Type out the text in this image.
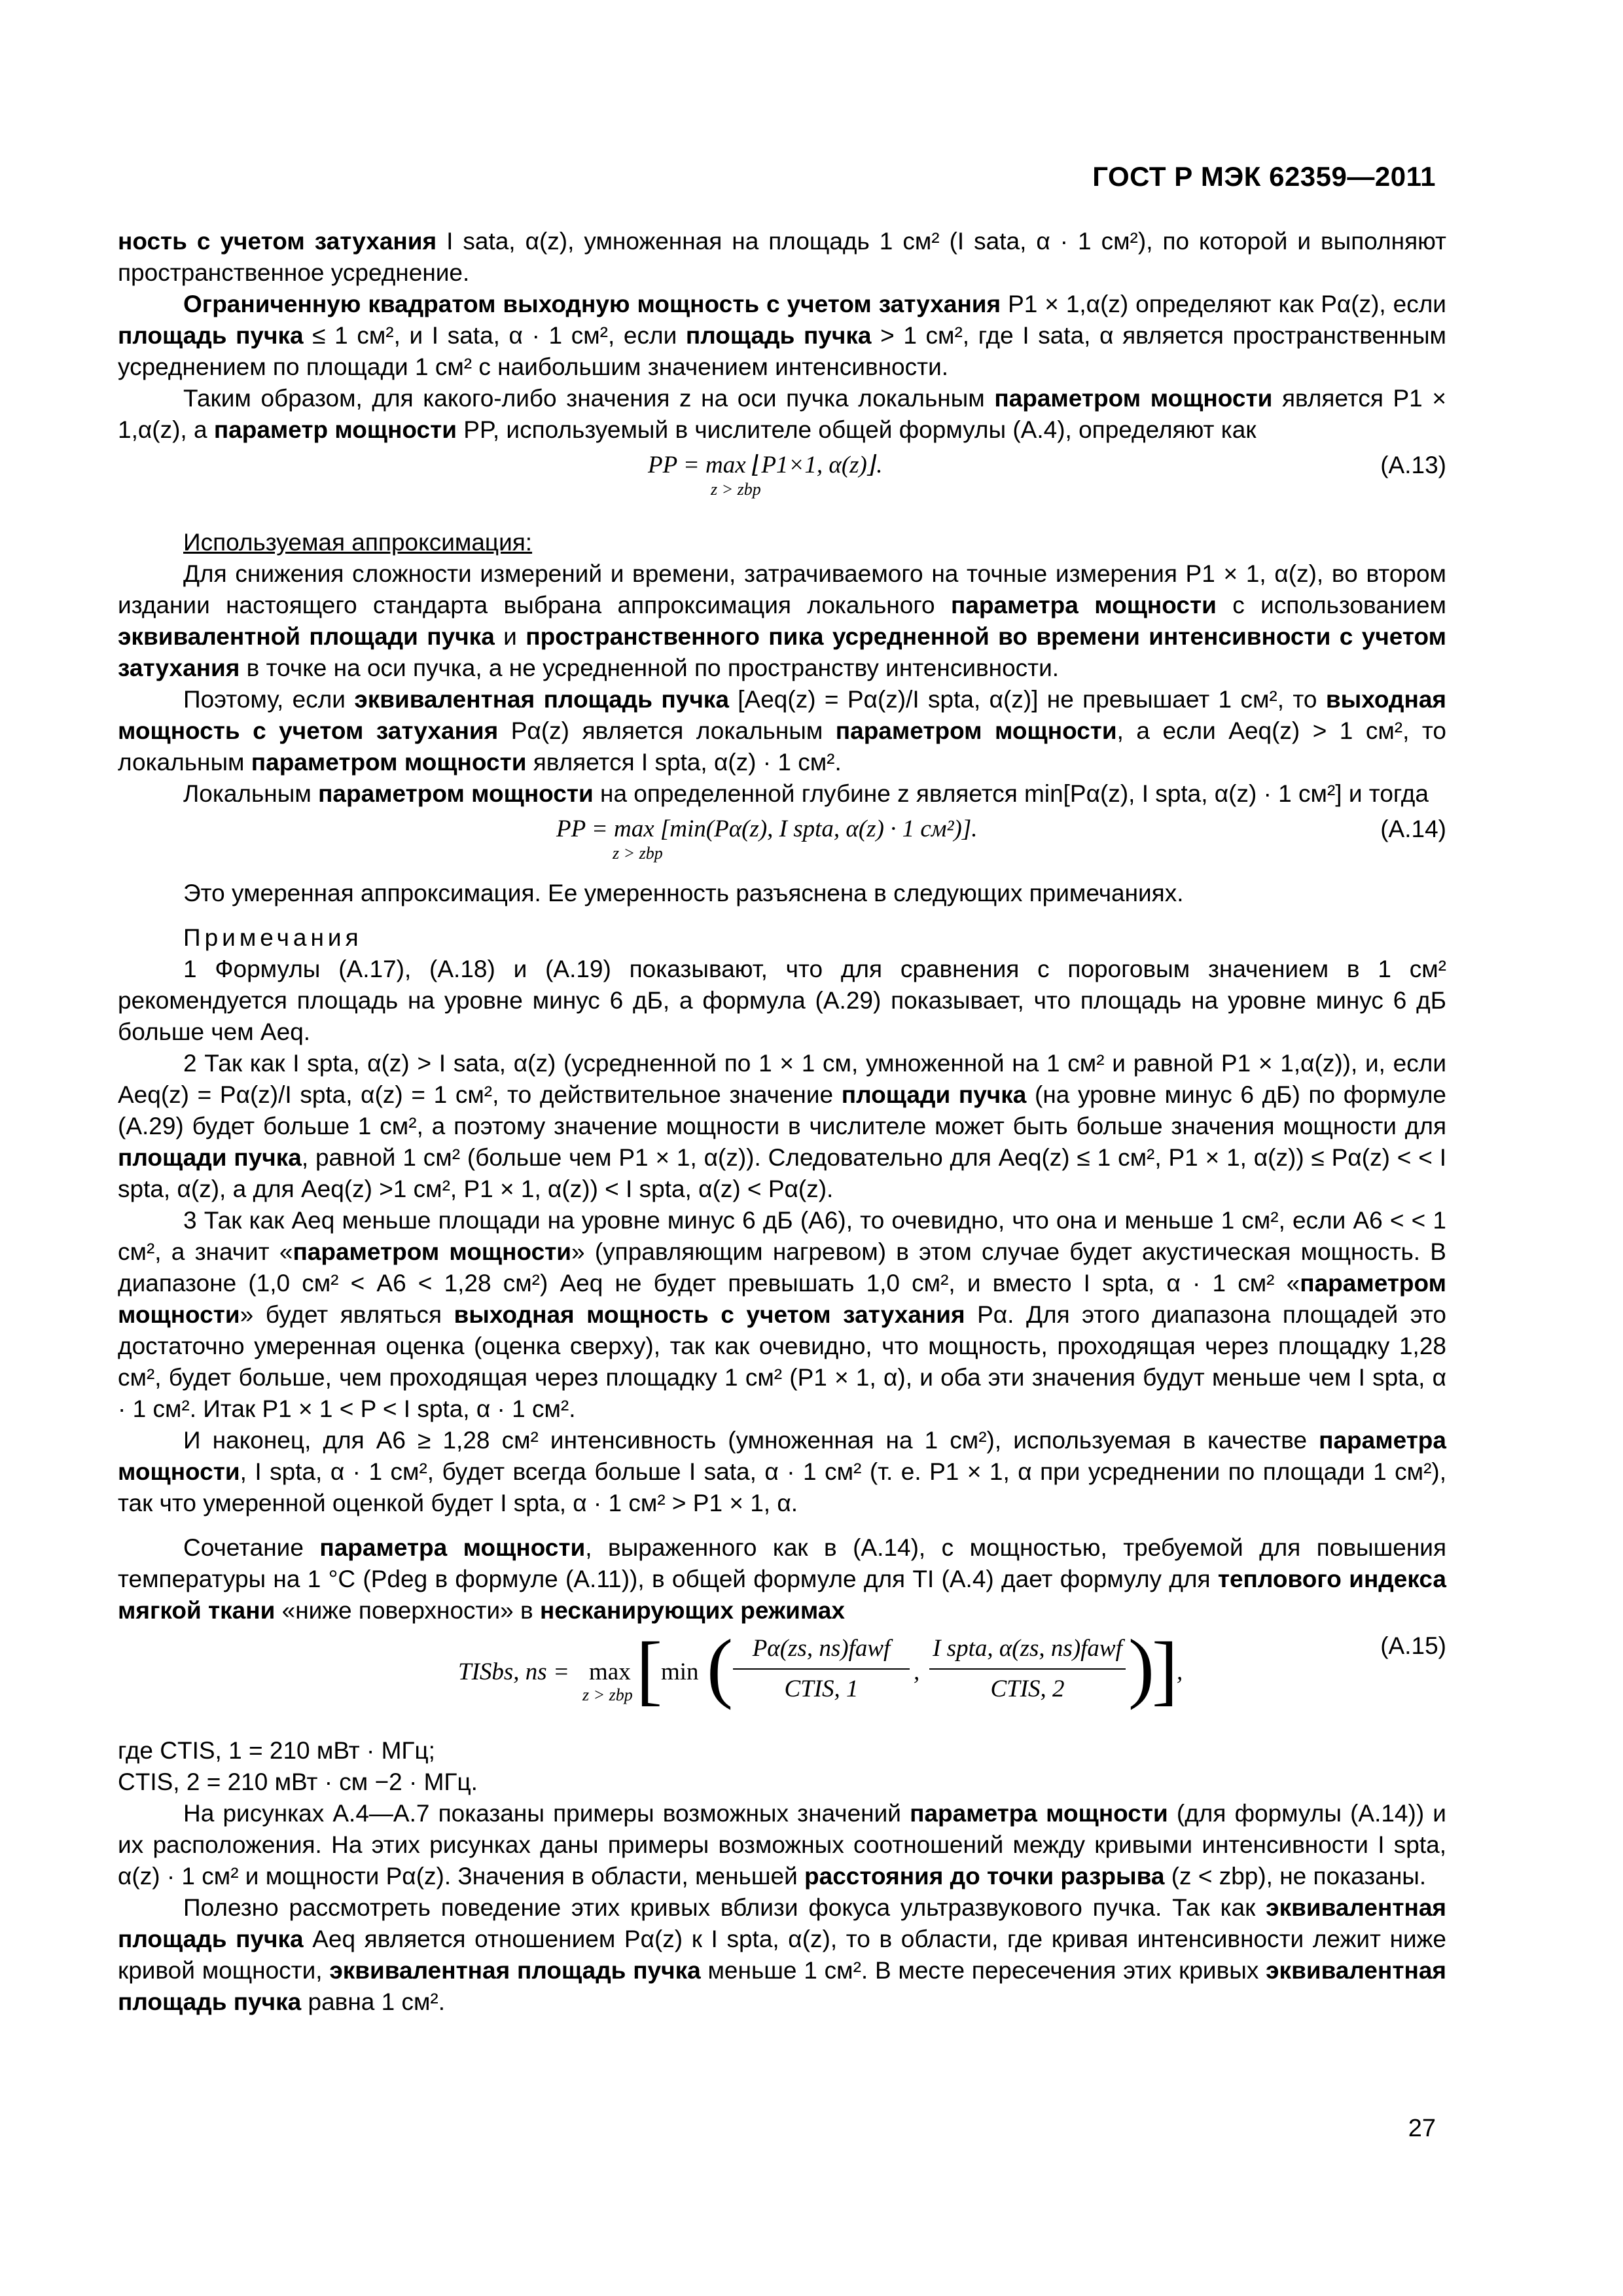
ГОСТ Р МЭК 62359—2011

ность с учетом затухания I sata, α(z), умноженная на площадь 1 см² (I sata, α · 1 см²), по которой и выполняют пространственное усреднение.

Ограниченную квадратом выходную мощность с учетом затухания P1 × 1,α(z) определяют как Pα(z), если площадь пучка ≤ 1 см², и I sata, α · 1 см², если площадь пучка > 1 см², где I sata, α является пространственным усреднением по площади 1 см² с наибольшим значением интенсивности.

Таким образом, для какого-либо значения z на оси пучка локальным параметром мощности является P1 × 1,α(z), а параметр мощности PP, используемый в числителе общей формулы (А.4), определяют как

PP = max ⌊P1×1, α(z)⌋.
z > zbp
(А.13)

Используемая аппроксимация:

Для снижения сложности измерений и времени, затрачиваемого на точные измерения P1 × 1, α(z), во втором издании настоящего стандарта выбрана аппроксимация локального параметра мощности с использованием эквивалентной площади пучка и пространственного пика усредненной во времени интенсивности с учетом затухания в точке на оси пучка, а не усредненной по пространству интенсивности.

Поэтому, если эквивалентная площадь пучка [Aeq(z) = Pα(z)/I spta, α(z)] не превышает 1 см², то выходная мощность с учетом затухания Pα(z) является локальным параметром мощности, а если Aeq(z) > 1 см², то локальным параметром мощности является I spta, α(z) · 1 см².

Локальным параметром мощности на определенной глубине z является min[Pα(z), I spta, α(z) · 1 см²] и тогда

PP = max [min(Pα(z), I spta, α(z) · 1 см²)].
z > zbp
(А.14)

Это умеренная аппроксимация. Ее умеренность разъяснена в следующих примечаниях.

Примечания

1 Формулы (А.17), (А.18) и (А.19) показывают, что для сравнения с пороговым значением в 1 см² рекомендуется площадь на уровне минус 6 дБ, а формула (А.29) показывает, что площадь на уровне минус 6 дБ больше чем Aeq.

2 Так как I spta, α(z) > I sata, α(z) (усредненной по 1 × 1 см, умноженной на 1 см² и равной P1 × 1,α(z)), и, если Aeq(z) = Pα(z)/I spta, α(z) = 1 см², то действительное значение площади пучка (на уровне минус 6 дБ) по формуле (А.29) будет больше 1 см², а поэтому значение мощности в числителе может быть больше значения мощности для площади пучка, равной 1 см² (больше чем P1 × 1, α(z)). Следовательно для Aeq(z) ≤ 1 см², P1 × 1, α(z)) ≤ Pα(z) < < I spta, α(z), а для Aeq(z) >1 см², P1 × 1, α(z)) < I spta, α(z) < Pα(z).

3 Так как Aeq меньше площади на уровне минус 6 дБ (A6), то очевидно, что она и меньше 1 см², если A6 < < 1 см², а значит «параметром мощности» (управляющим нагревом) в этом случае будет акустическая мощность. В диапазоне (1,0 см² < A6 < 1,28 см²) Aeq не будет превышать 1,0 см², и вместо I spta, α · 1 см² «параметром мощности» будет являться выходная мощность с учетом затухания Pα. Для этого диапазона площадей это достаточно умеренная оценка (оценка сверху), так как очевидно, что мощность, проходящая через площадку 1,28 см², будет больше, чем проходящая через площадку 1 см² (P1 × 1, α), и оба эти значения будут меньше чем I spta, α · 1 см². Итак P1 × 1 < P < I spta, α · 1 см².

И наконец, для A6 ≥ 1,28 см² интенсивность (умноженная на 1 см²), используемая в качестве параметра мощности, I spta, α · 1 см², будет всегда больше I sata, α · 1 см² (т. е. P1 × 1, α при усреднении по площади 1 см²), так что умеренной оценкой будет I spta, α · 1 см² > P1 × 1, α.

Сочетание параметра мощности, выраженного как в (А.14), с мощностью, требуемой для повышения температуры на 1 °С (Pdeg в формуле (А.11)), в общей формуле для TI (А.4) дает формулу для теплового индекса мягкой ткани «ниже поверхности» в несканирующих режимах

TISbs, ns = max
z > zbp [
min ( Pα(zs, ns)fawf
CTIS, 1
,
I spta, α(zs, ns)fawf
CTIS, 2 )
]
,
(А.15)

где CTIS, 1 = 210 мВт · МГц;

CTIS, 2 = 210 мВт · см −2 · МГц.

На рисунках А.4—А.7 показаны примеры возможных значений параметра мощности (для формулы (А.14)) и их расположения. На этих рисунках даны примеры возможных соотношений между кривыми интенсивности I spta, α(z) · 1 см² и мощности Pα(z). Значения в области, меньшей расстояния до точки разрыва (z < zbp), не показаны.

Полезно рассмотреть поведение этих кривых вблизи фокуса ультразвукового пучка. Так как эквивалентная площадь пучка Aeq является отношением Pα(z) к I spta, α(z), то в области, где кривая интенсивности лежит ниже кривой мощности, эквивалентная площадь пучка меньше 1 см². В месте пересечения этих кривых эквивалентная площадь пучка равна 1 см².

27
